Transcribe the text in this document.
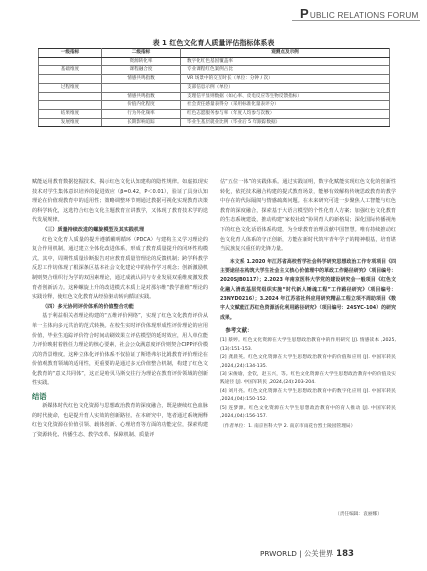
PUBLIC RELATIONS FORUM
表 1 红色文化育人质量评估指标体系表
一级指标	二级指标	观测点及示例
	资源转化率	数字化红色基因覆盖率
基础维度	课程融合度	专业课程红色案例占比
	情感共鸣指数	VR 场景中的交互时长（单位：分钟 / 次）
过程维度		支部信息示例（单位）
	情感共鸣指数	支理信平显则数据（如心率、皮电反应等生物反馈指标）
	价值内化程度	社会责任感量表得分（采用标准化量表评分）
结果维度	行为外化频率	红色志愿服务参与率（年度人均参与次数）
发展维度	长期影响追踪	毕业生基层就业比例（毕业后 5 年跟踪数据）

赋能运用教育数据挖掘技术，揭示红色文化认知建构的隐性规律。如虚拟现实技术对学生集体意识培养的促进效应（β=0.42，P＜0.01），验证了具身认知理论在价值观教育中的适用性；策略调整环节则通过教据可视化实现教育决策的科学转化，这选符合红色文化主题教育宣讲教学，又体现了教育技术学的迭代发展规律。

（三）质量持续改进的螺旋模型及其实践机理

红色文化育人质量的提升遵循戴明循环（PDCA）与建构主义学习理论的复合作用机制，通过建立全体化改进体系，形成了教育质量提升的闭环性构模式。其中，周期性质量诊断报告对应教育质量管理论的反馈机制；跨学科教学反思工作坊体现了根深条区基本社会文化建论中的协作学习观念；创新激励机制则契合组织行为学的双因素理论，通过成就认同与专业发展双重维度激发教育者创新活力。这种螺旋上升的改进模式本质上是对那尔维“教学准维”理论的实践诠释，使红色文化教育从经验驱动转向循证实践。

（四）多元协同评价体系的价值整合功能

基于利益相关者理论构建的“五维评价网络”，实现了红色文化教育评价从单一主体向多元共治的范式转换。在校生实时评价体现形成性评价理论的应用价值，毕业生追踪评价符合时间动刷效果立评估模型的延时效应，用人单位能力评价映射着胜任力理论的核心要素，社会公众满意度评价则契合CIPP评价模式的背景维度。这种立体化评价体系不仅验证了斯塔弗尔比姆教育评价理论在价值观教育领域的适用性，更重要的是通过多元价值整合机制，构建了红色文化教育的“意义共同体”，这正是哈贝马斯交往行为理论在教育评价领域的创新性实践。

结语

新媒体时代红色文化资源与思想政治教育的深度融合，既是赓续红色血脉的时代使命，也是提升育人实效的创新路径。在本研究中，笔者通过系统阐释红色文化资源在价值引领、载体创新、心理培育等方面的功能定位，探索构建了资源转化、传播生态、教学改革、保障机制、质量评

估“五位一体”的实践体系。通过实践证明，数字化赋能实现红色文化的创新性转化，依托技术融合构建的提式教育场景，能够有效解构传统思政教育的教学中存在的代际隔阂与情感疏离问题。在未来研究可进一步聚焦人工智能与红色教育的深度融合，探索基于大语言模型的个性化育人方案；加强红色文化教育的生态系统建设，推动构建“家校社政”协同育人的新格局；深化国际传播视角下的红色文化话语体系构建，为全球教育治理贡献中国智慧。唯有持续推动红色文化育人体系的守正创新，方能在新时代筑牢青年学子的精神根基，培育堪当民族复兴重任的先锋力量。

本文系 1.2020 年江苏省高校哲学社会科学研究思想政治工作专项项目《四主要途径在构筑大学生社会主义核心价值理中的革政工作路径研究》（项目编号：2020SJB0117）；2.2023 年南京医科大学党的建设研究会一般项目《红色文化融入清政基层党组织实施“时代新人锤魂工程”工作路径研究》（项目编号：23NYD0216）；3.2024 年江苏省社科应用研究精品工程立项不周助项目《数字人文赋能江苏红色资源活化利用路径研究》（项目编号：24SYC-104）的研究成果。

参考文献：

[1] 蔡婷。红色文化资源在大学生思想政治教育中的作用研究 [J]. 情感读本 ,2025,(13):151-153.

[2] 龚晨英。红色文化资源在大学生思想政治教育中的价值和应用 [J]. 中国军转民 ,2024,(24):134-135.

[3] 宋俊瑜，金钦，赵玉兴，等。红色文化资源在大学生思想政治教育中的价值及实践途径 [J]. 中国军转民 ,2024,(24):203-204.

[4] 刘月亮。红色文化资源在大学生思想政治教育中的数字化应用 [J]. 中国军转民 ,2024,(04):150-152.

[5] 连梦源。红色文化资源在大学生思想政治教育中的育人推动 [J]. 中国军转民 ,2024,(04):156-157.

（作者单位：1. 南京医科大学 2. 南京市雨花台烈士陵园管理局）

（责任编辑：袁丽娜）
PRWORLD | 公关世界 183
